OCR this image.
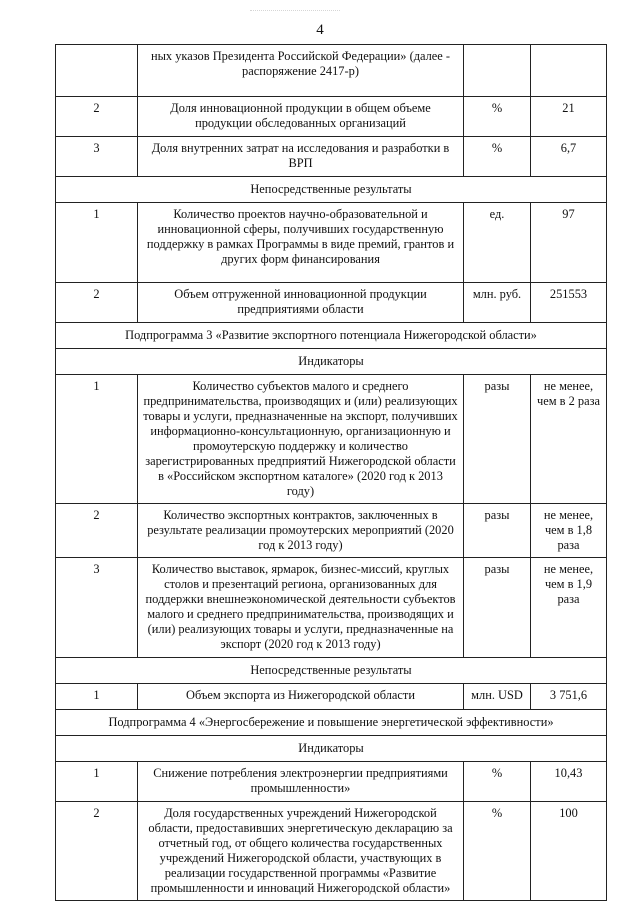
4
	ных указов Президента Российской Федерации» (далее - распоряжение 2417-р)		
2	Доля инновационной продукции в общем объеме продукции обследованных организаций	%	21
3	Доля внутренних затрат на исследования и разработки в ВРП	%	6,7
Непосредственные результаты			
1	Количество проектов научно-образовательной и инновационной сферы, получивших государственную поддержку в рамках Программы в виде премий, грантов и других форм финансирования	ед.	97
2	Объем отгруженной инновационной продукции предприятиями области	млн. руб.	251553
Подпрограмма 3 «Развитие экспортного потенциала Нижегородской области»			
Индикаторы			
1	Количество субъектов малого и среднего предпринимательства, производящих и (или) реализующих товары и услуги, предназначенные на экспорт, получивших информационно-консультационную, организационную и промоутерскую поддержку и количество зарегистрированных предприятий Нижегородской области в «Российском экспортном каталоге» (2020 год к 2013 году)	разы	не менее, чем в 2 раза
2	Количество экспортных контрактов, заключенных в результате реализации промоутерских мероприятий (2020 год к 2013 году)	разы	не менее, чем в 1,8 раза
3	Количество выставок, ярмарок, бизнес-миссий, круглых столов и презентаций региона, организованных для поддержки внешнеэкономической деятельности субъектов малого и среднего предпринимательства, производящих и (или) реализующих товары и услуги, предназначенные на экспорт (2020 год к 2013 году)	разы	не менее, чем в 1,9 раза
Непосредственные результаты			
1	Объем экспорта из Нижегородской области	млн. USD	3 751,6
Подпрограмма 4 «Энергосбережение и повышение энергетической эффективности»			
Индикаторы			
1	Снижение потребления электроэнергии предприятиями промышленности»	%	10,43
2	Доля государственных учреждений Нижегородской области, предоставивших энергетическую декларацию за отчетный год, от общего количества государственных учреждений Нижегородской области, участвующих в реализации государственной программы «Развитие промышленности и инноваций Нижегородской области»	%	100
